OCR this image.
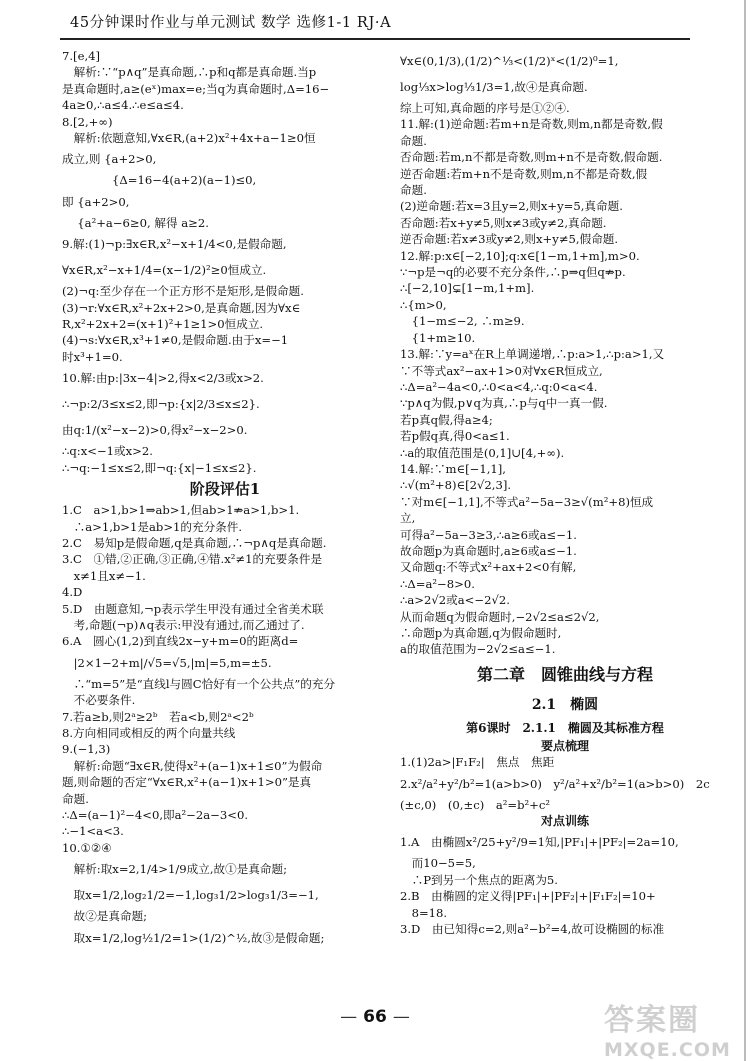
45分钟课时作业与单元测试 数学 选修1-1 RJ·A
7.[e,4]
　解析:∵“p∧q”是真命题,∴p和q都是真命题.当p
是真命题时,a≥(eˣ)max=e;当q为真命题时,Δ=16−
4a≥0,∴a≤4.∴e≤a≤4.
8.[2,+∞)
　解析:依题意知,∀x∈R,(a+2)x²+4x+a−1≥0恒
成立,则 {a+2>0,
　　　　 {Δ=16−4(a+2)(a−1)≤0,
即 {a+2>0,
　 {a²+a−6≥0, 解得 a≥2.
9.解:(1)¬p:∃x∈R,x²−x+1/4<0,是假命题,
∀x∈R,x²−x+1/4=(x−1/2)²≥0恒成立.
(2)¬q:至少存在一个正方形不是矩形,是假命题.
(3)¬r:∀x∈R,x²+2x+2>0,是真命题,因为∀x∈
R,x²+2x+2=(x+1)²+1≥1>0恒成立.
(4)¬s:∀x∈R,x³+1≠0,是假命题.由于x=−1
时x³+1=0.
10.解:由p:|3x−4|>2,得x<2/3或x>2.
∴¬p:2/3≤x≤2,即¬p:{x|2/3≤x≤2}.
由q:1/(x²−x−2)>0,得x²−x−2>0.
∴q:x<−1或x>2.
∴¬q:−1≤x≤2,即¬q:{x|−1≤x≤2}.
阶段评估1
1.C　a>1,b>1⇒ab>1,但ab>1⇏a>1,b>1.
　∴a>1,b>1是ab>1的充分条件.
2.C　易知p是假命题,q是真命题,∴¬p∧q是真命题.
3.C　①错,②正确,③正确,④错.x²≠1的充要条件是
　x≠1且x≠−1.
4.D
5.D　由题意知,¬p表示学生甲没有通过全省美术联
　考,命题(¬p)∧q表示:甲没有通过,而乙通过了.
6.A　圆心(1,2)到直线2x−y+m=0的距离d=
　|2×1−2+m|/√5=√5,|m|=5,m=±5.
　∴“m=5”是“直线l与圆C恰好有一个公共点”的充分
　不必要条件.
7.若a≥b,则2ᵃ≥2ᵇ　若a<b,则2ᵃ<2ᵇ
8.方向相同或相反的两个向量共线
9.(−1,3)
　解析:命题“∃x∈R,使得x²+(a−1)x+1≤0”为假命
题,则命题的否定“∀x∈R,x²+(a−1)x+1>0”是真
命题.
∴Δ=(a−1)²−4<0,即a²−2a−3<0.
∴−1<a<3.
10.①②④
　解析:取x=2,1/4>1/9成立,故①是真命题;
　取x=1/2,log₂1/2=−1,log₃1/2>log₃1/3=−1,
　故②是真命题;
　取x=1/2,log½1/2=1>(1/2)^½,故③是假命题;
∀x∈(0,1/3),(1/2)^⅓<(1/2)ˣ<(1/2)⁰=1,
log⅓x>log⅓1/3=1,故④是真命题.
综上可知,真命题的序号是①②④.
11.解:(1)逆命题:若m+n是奇数,则m,n都是奇数,假
命题.
否命题:若m,n不都是奇数,则m+n不是奇数,假命题.
逆否命题:若m+n不是奇数,则m,n不都是奇数,假
命题.
(2)逆命题:若x=3且y=2,则x+y=5,真命题.
否命题:若x+y≠5,则x≠3或y≠2,真命题.
逆否命题:若x≠3或y≠2,则x+y≠5,假命题.
12.解:p:x∈[−2,10];q:x∈[1−m,1+m],m>0.
∵¬p是¬q的必要不充分条件,∴p⇒q但q⇏p.
∴[−2,10]⊊[1−m,1+m].
∴{m>0,
　{1−m≤−2, ∴m≥9.
　{1+m≥10.
13.解:∵y=aˣ在R上单调递增,∴p:a>1,∴p:a>1,又
∵不等式ax²−ax+1>0对∀x∈R恒成立,
∴Δ=a²−4a<0,∴0<a<4,∴q:0<a<4.
∵p∧q为假,p∨q为真,∴p与q中一真一假.
若p真q假,得a≥4;
若p假q真,得0<a≤1.
∴a的取值范围是(0,1]∪[4,+∞).
14.解:∵m∈[−1,1],
∴√(m²+8)∈[2√2,3].
∵对m∈[−1,1],不等式a²−5a−3≥√(m²+8)恒成
立,
可得a²−5a−3≥3,∴a≥6或a≤−1.
故命题p为真命题时,a≥6或a≤−1.
又命题q:不等式x²+ax+2<0有解,
∴Δ=a²−8>0.
∴a>2√2或a<−2√2.
从而命题q为假命题时,−2√2≤a≤2√2,
∴命题p为真命题,q为假命题时,
a的取值范围为−2√2≤a≤−1.
第二章　圆锥曲线与方程
2.1　椭圆
第6课时　2.1.1　椭圆及其标准方程
要点梳理
1.(1)2a>|F₁F₂|　焦点　焦距
2.x²/a²+y²/b²=1(a>b>0)　y²/a²+x²/b²=1(a>b>0)　2c
(±c,0)　(0,±c)　a²=b²+c²
对点训练
1.A　由椭圆x²/25+y²/9=1知,|PF₁|+|PF₂|=2a=10,
　而10−5=5,
　∴P到另一个焦点的距离为5.
2.B　由椭圆的定义得|PF₁|+|PF₂|+|F₁F₂|=10+
　8=18.
3.D　由已知得c=2,则a²−b²=4,故可设椭圆的标准
— 66 —	答案圈
MXQE.COM
